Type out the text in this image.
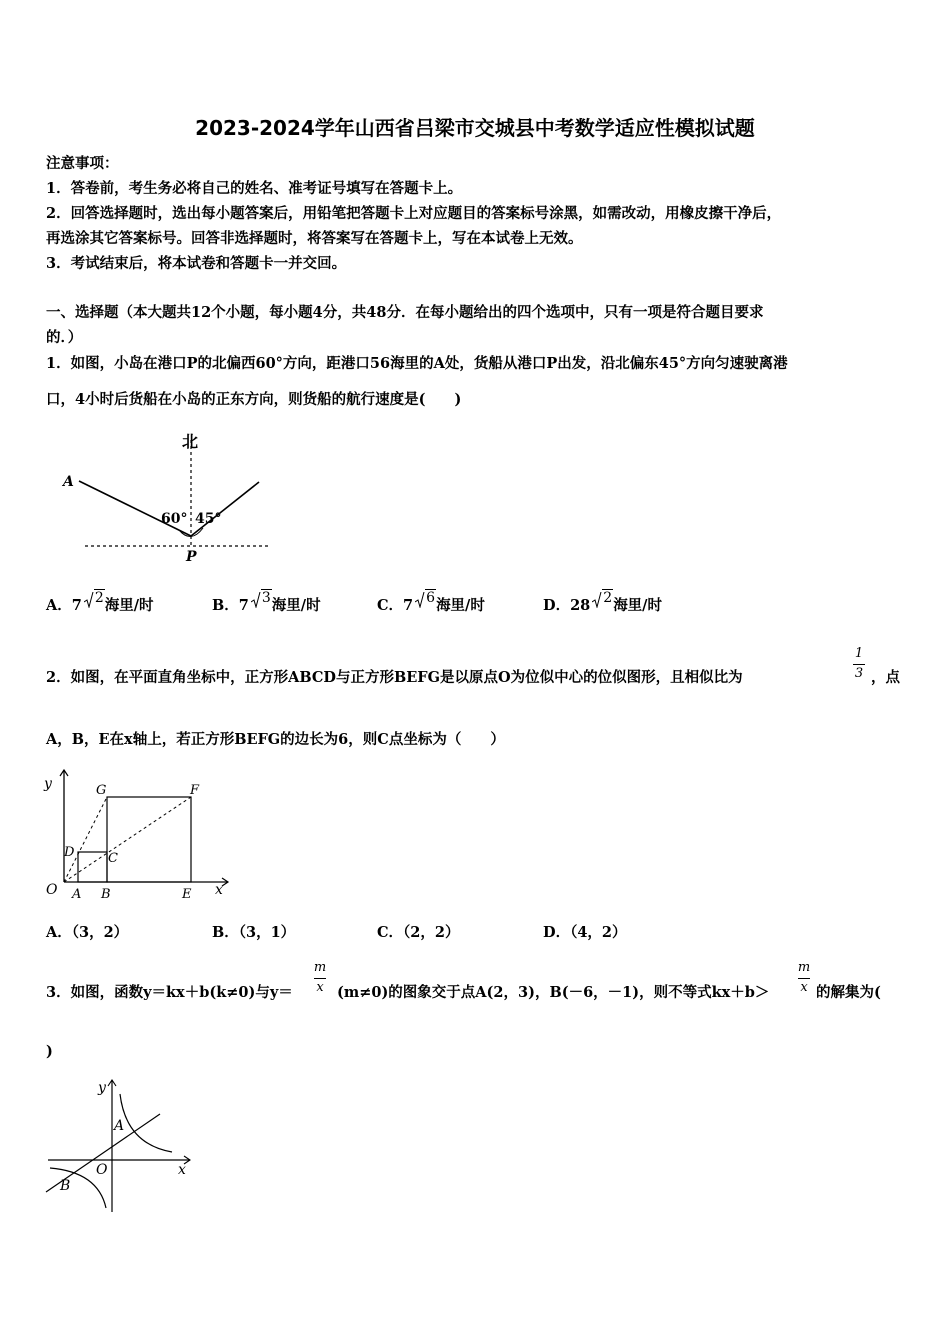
2023-2024学年山西省吕梁市交城县中考数学适应性模拟试题
注意事项：
1．答卷前，考生务必将自己的姓名、准考证号填写在答题卡上。
2．回答选择题时，选出每小题答案后，用铅笔把答题卡上对应题目的答案标号涂黑，如需改动，用橡皮擦干净后，
再选涂其它答案标号。回答非选择题时，将答案写在答题卡上，写在本试卷上无效。
3．考试结束后，将本试卷和答题卡一并交回。
一、选择题（本大题共12个小题，每小题4分，共48分．在每小题给出的四个选项中，只有一项是符合题目要求
的．）
1．如图，小岛在港口P的北偏西60°方向，距港口56海里的A处，货船从港口P出发，沿北偏东45°方向匀速驶离港
口，4小时后货船在小岛的正东方向，则货船的航行速度是(　　)
北
A
60° 45°
P
A．7 2海里/时	B．7 3海里/时	C．7 6海里/时	D．28 2海里/时
2．如图，在平面直角坐标中，正方形ABCD与正方形BEFG是以原点O为位似中心的位似图形，且相似比为	$\frac{1}{3}$ ，点
A，B，E在x轴上，若正方形BEFG的边长为6，则C点坐标为（　　）
y
x
O A B
C
D
E
F
G
A．（3，2）	B．（3，1）	C．（2，2）	D．（4，2）
3．如图，函数y＝kx＋b(k≠0)与$y= \frac{m}{x} (m\ne 0)$的图象交于点A(2，3)，B(－6，－1)，则不等式$kx+b> \frac{m}{x}$ 的解集为(
)
y
x
O
A
B
